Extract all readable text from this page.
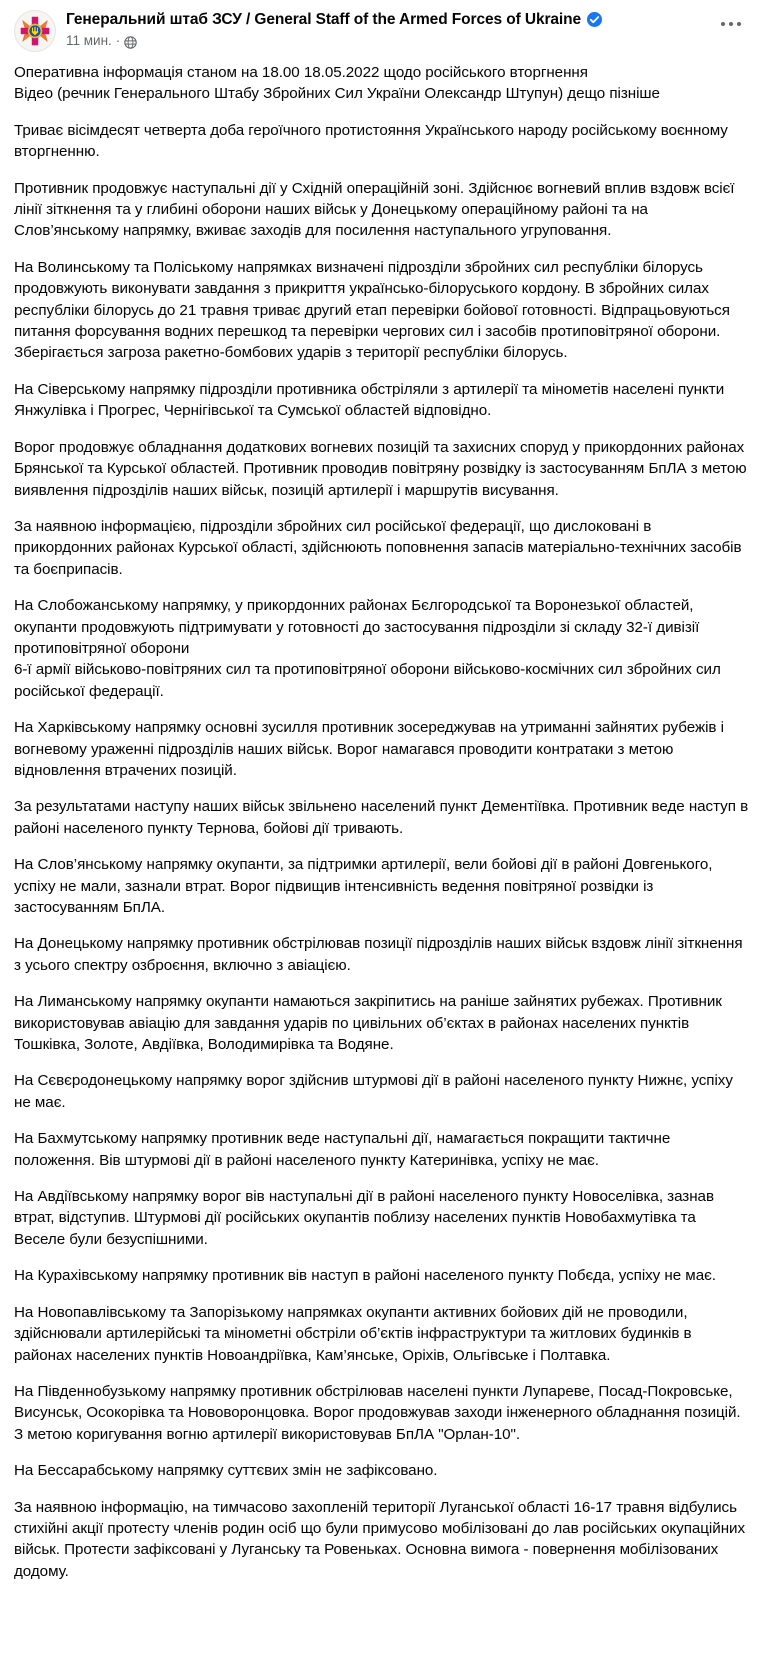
Генеральний штаб ЗСУ / General Staff of the Armed Forces of Ukraine
11 мин. ·

Оперативна інформація станом на 18.00 18.05.2022 щодо російського вторгнення
Відео (речник Генерального Штабу Збройних Сил України Олександр Штупун) дещо пізніше

Триває вісімдесят четверта доба героїчного протистояння Українського народу російському воєнному вторгненню.

Противник продовжує наступальні дії у Східній операційній зоні. Здійснює вогневий вплив вздовж всієї лінії зіткнення та у глибині оборони наших військ у Донецькому операційному районі та на Слов’янському напрямку, вживає заходів для посилення наступального угруповання.

На Волинському та Поліському напрямках визначені підрозділи збройних сил республіки білорусь продовжують виконувати завдання з прикриття українсько-білоруського кордону. В збройних силах республіки білорусь до 21 травня триває другий етап перевірки бойової готовності. Відпрацьовуються питання форсування водних перешкод та перевірки чергових сил і засобів протиповітряної оборони. Зберігається загроза ракетно-бомбових ударів з території республіки білорусь.

На Сіверському напрямку підрозділи противника обстріляли з артилерії та мінометів населені пункти Янжулівка і Прогрес, Чернігівської та Сумської областей відповідно.

Ворог продовжує обладнання додаткових вогневих позицій та захисних споруд у прикордонних районах Брянської та Курської областей. Противник проводив повітряну розвідку із застосуванням БпЛА з метою виявлення підрозділів наших військ, позицій артилерії і маршрутів висування.

За наявною інформацією, підрозділи збройних сил російської федерації, що дислоковані в прикордонних районах Курської області, здійснюють поповнення запасів матеріально-технічних засобів та боєприпасів.

На Слобожанському напрямку, у прикордонних районах Бєлгородської та Воронезької областей, окупанти продовжують підтримувати у готовності до застосування підрозділи зі складу 32-ї дивізії протиповітряної оборони
6-ї армії військово-повітряних сил та протиповітряної оборони військово-космічних сил збройних сил російської федерації.

На Харківському напрямку основні зусилля противник зосереджував на утриманні зайнятих рубежів і вогневому ураженні підрозділів наших військ. Ворог намагався проводити контратаки з метою відновлення втрачених позицій.

За результатами наступу наших військ звільнено населений пункт Дементіївка. Противник веде наступ в районі населеного пункту Тернова, бойові дії тривають.

На Слов’янському напрямку окупанти, за підтримки артилерії, вели бойові дії в районі Довгенького, успіху не мали, зазнали втрат. Ворог підвищив інтенсивність ведення повітряної розвідки із застосуванням БпЛА.

На Донецькому напрямку противник обстрілював позиції підрозділів наших військ вздовж лінії зіткнення з усього спектру озброєння, включно з авіацією.

На Лиманському напрямку окупанти намаються закріпитись на раніше зайнятих рубежах. Противник використовував авіацію для завдання ударів по цивільних об’єктах в районах населених пунктів Тошківка, Золоте, Авдіївка, Володимирівка та Водяне.

На Сєвєродонецькому напрямку ворог здійснив штурмові дії в районі населеного пункту Нижнє, успіху не має.

На Бахмутському напрямку противник веде наступальні дії, намагається покращити тактичне положення. Вів штурмові дії в районі населеного пункту Катеринівка, успіху не має.

На Авдіївському напрямку ворог вів наступальні дії в районі населеного пункту Новоселівка, зазнав втрат, відступив. Штурмові дії російських окупантів поблизу населених пунктів Новобахмутівка та Веселе були безуспішними.

На Курахівському напрямку противник вів наступ в районі населеного пункту Побєда, успіху не має.

На Новопавлівському та Запорізькому напрямках окупанти активних бойових дій не проводили, здійснювали артилерійські та мінометні обстріли об’єктів інфраструктури та житлових будинків в районах населених пунктів Новоандріївка, Кам’янське, Оріхів, Ольгівське і Полтавка.

На Південнобузькому напрямку противник обстрілював населені пункти Лупареве, Посад-Покровське, Висунськ, Осокорівка та Нововоронцовка. Ворог продовжував заходи інженерного обладнання позицій. З метою коригування вогню артилерії використовував БпЛА "Орлан-10".

На Бессарабському напрямку суттєвих змін не зафіксовано.

За наявною інформацію, на тимчасово захопленій території Луганської області 16-17 травня відбулись стихійні акції протесту членів родин осіб що були примусово мобілізовані до лав російських окупаційних військ. Протести зафіксовані у Луганську та Ровеньках. Основна вимога - повернення мобілізованих додому.
